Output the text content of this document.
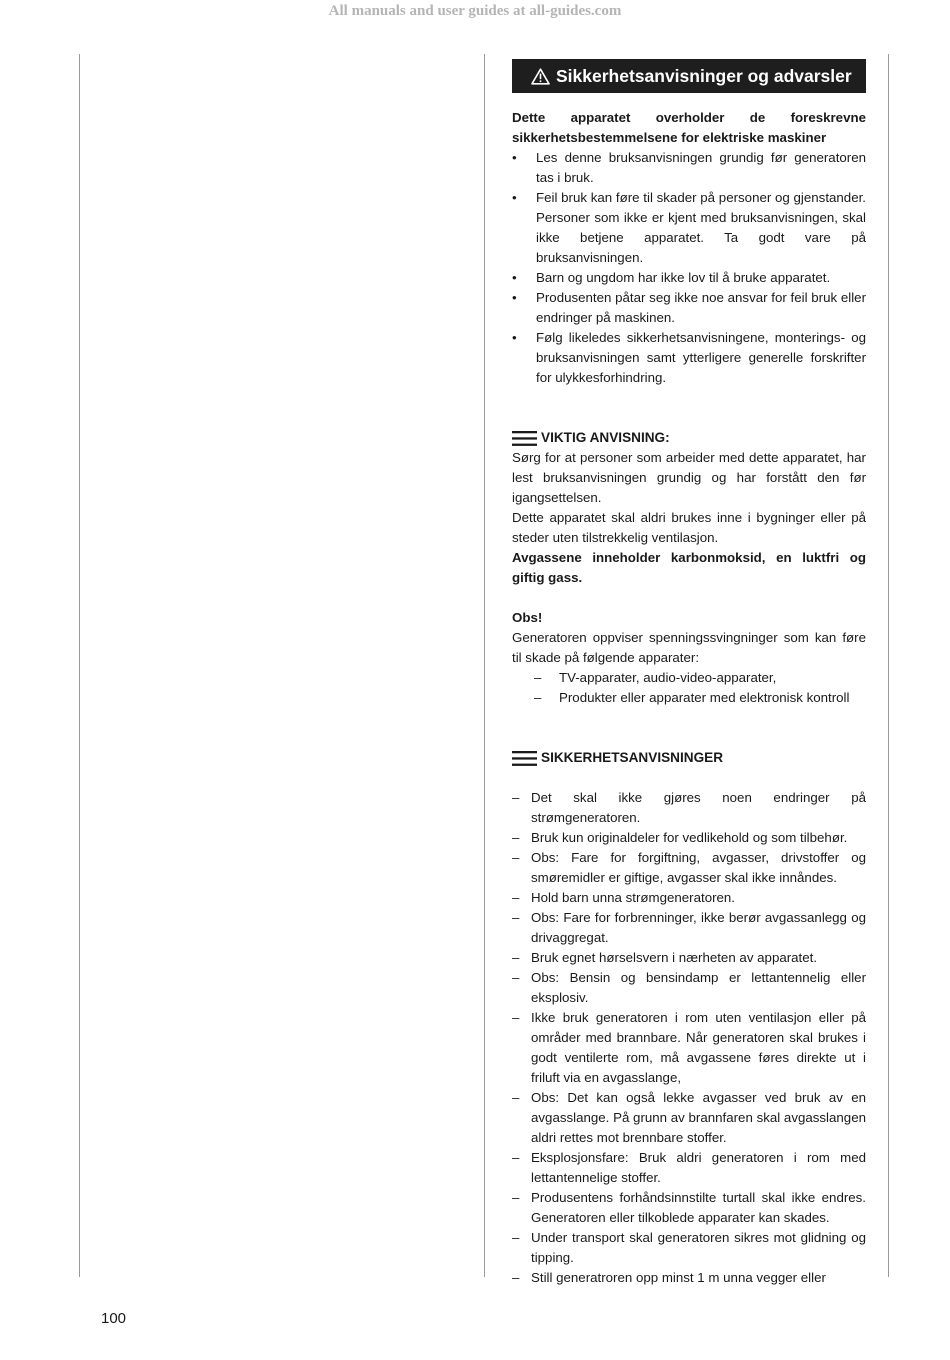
All manuals and user guides at all-guides.com
Sikkerhetsanvisninger og advarsler
Dette apparatet overholder de foreskrevne sikkerhetsbestemmelsene for elektriske maskiner
• Les denne bruksanvisningen grundig før generatoren tas i bruk.
• Feil bruk kan føre til skader på personer og gjenstander. Personer som ikke er kjent med bruksanvisningen, skal ikke betjene apparatet. Ta godt vare på bruksanvisningen.
• Barn og ungdom har ikke lov til å bruke apparatet.
• Produsenten påtar seg ikke noe ansvar for feil bruk eller endringer på maskinen.
• Følg likeledes sikkerhetsanvisningene, monterings- og bruksanvisningen samt ytterligere generelle forskrifter for ulykkesforhindring.
VIKTIG ANVISNING:
Sørg for at personer som arbeider med dette apparatet, har lest bruksanvisningen grundig og har forstått den før igangsettelsen.
Dette apparatet skal aldri brukes inne i bygninger eller på steder uten tilstrekkelig ventilasjon.
Avgassene inneholder karbonmoksid, en luktfri og giftig gass.
Obs!
Generatoren oppviser spenningssvingninger som kan føre til skade på følgende apparater:
– TV-apparater, audio-video-apparater,
– Produkter eller apparater med elektronisk kontroll
SIKKERHETSANVISNINGER
– Det skal ikke gjøres noen endringer på strømgeneratoren.
– Bruk kun originaldeler for vedlikehold og som tilbehør.
– Obs: Fare for forgiftning, avgasser, drivstoffer og smøremidler er giftige, avgasser skal ikke innåndes.
– Hold barn unna strømgeneratoren.
– Obs: Fare for forbrenninger, ikke berør avgassanlegg og drivaggregat.
– Bruk egnet hørselsvern i nærheten av apparatet.
– Obs: Bensin og bensindamp er lettantennelig eller eksplosiv.
– Ikke bruk generatoren i rom uten ventilasjon eller på områder med brannbare. Når generatoren skal brukes i godt ventilerte rom, må avgassene føres direkte ut i friluft via en avgasslange,
– Obs: Det kan også lekke avgasser ved bruk av en avgasslange. På grunn av brannfaren skal avgasslangen aldri rettes mot brennbare stoffer.
– Eksplosjonsfare: Bruk aldri generatoren i rom med lettantennelige stoffer.
– Produsentens forhåndsinnstilte turtall skal ikke endres. Generatoren eller tilkoblede apparater kan skades.
– Under transport skal generatoren sikres mot glidning og tipping.
– Still generatroren opp minst 1 m unna vegger eller
100
